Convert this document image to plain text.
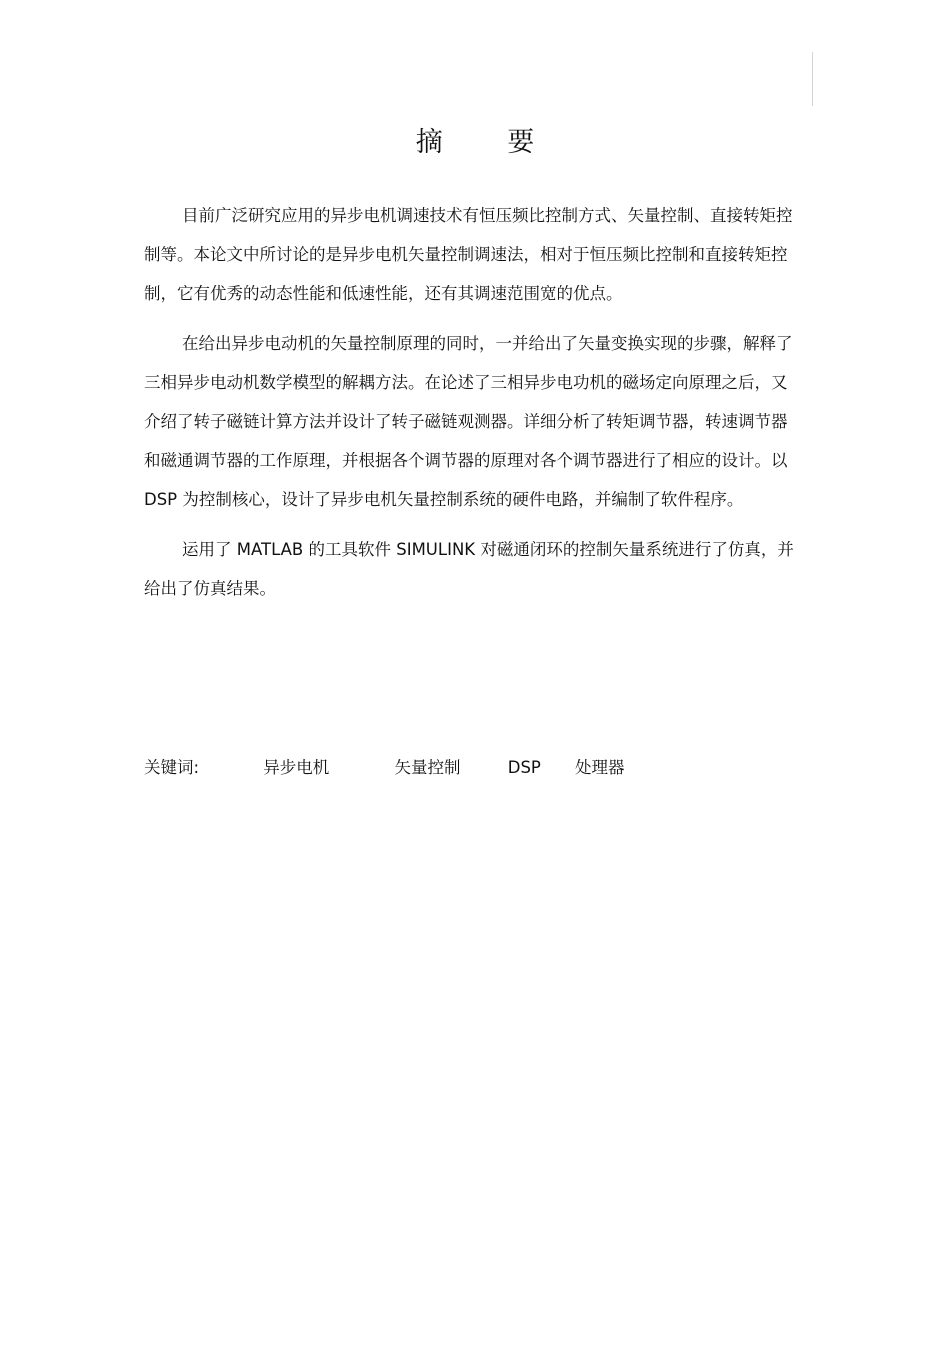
摘 要

目前广泛研究应用的异步电机调速技术有恒压频比控制方式、矢量控制、直接转矩控制等。本论文中所讨论的是异步电机矢量控制调速法，相对于恒压频比控制和直接转矩控制，它有优秀的动态性能和低速性能，还有其调速范围宽的优点。

在给出异步电动机的矢量控制原理的同时，一并给出了矢量变换实现的步骤，解释了三相异步电动机数学模型的解耦方法。在论述了三相异步电功机的磁场定向原理之后，又介绍了转子磁链计算方法并设计了转子磁链观测器。详细分析了转矩调节器，转速调节器和磁通调节器的工作原理，并根据各个调节器的原理对各个调节器进行了相应的设计。以 DSP 为控制核心，设计了异步电机矢量控制系统的硬件电路，并编制了软件程序。

运用了 MATLAB 的工具软件 SIMULINK 对磁通闭环的控制矢量系统进行了仿真，并给出了仿真结果。

关键词:	异步电机	矢量控制	DSP 处理器
